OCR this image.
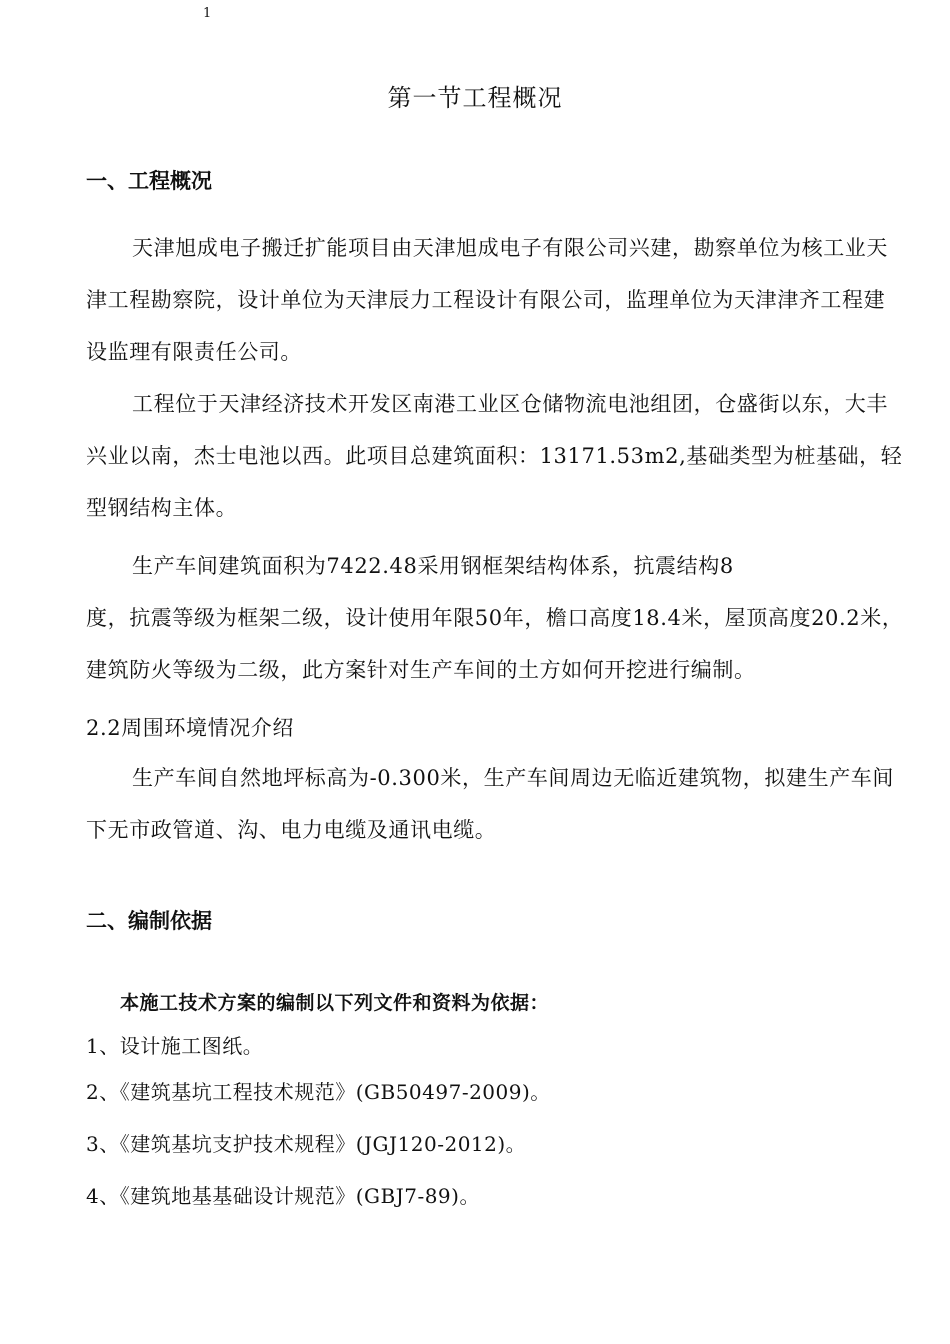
1
第一节工程概况
一、工程概况

天津旭成电子搬迁扩能项目由天津旭成电子有限公司兴建，勘察单位为核工业天津工程勘察院，设计单位为天津辰力工程设计有限公司，监理单位为天津津齐工程建设监理有限责任公司。

工程位于天津经济技术开发区南港工业区仓储物流电池组团，仓盛街以东，大丰兴业以南，杰士电池以西。此项目总建筑面积：13171.53m2,基础类型为桩基础，轻型钢结构主体。

生产车间建筑面积为7422.48采用钢框架结构体系，抗震结构8

度，抗震等级为框架二级，设计使用年限50年，檐口高度18.4米，屋顶高度20.2米，建筑防火等级为二级，此方案针对生产车间的土方如何开挖进行编制。

2.2周围环境情况介绍

生产车间自然地坪标高为-0.300米，生产车间周边无临近建筑物，拟建生产车间下无市政管道、沟、电力电缆及通讯电缆。

二、编制依据
本施工技术方案的编制以下列文件和资料为依据：
1、设计施工图纸。
2、《建筑基坑工程技术规范》(GB50497-2009)。
3、《建筑基坑支护技术规程》(JGJ120-2012)。
4、《建筑地基基础设计规范》(GBJ7-89)。
